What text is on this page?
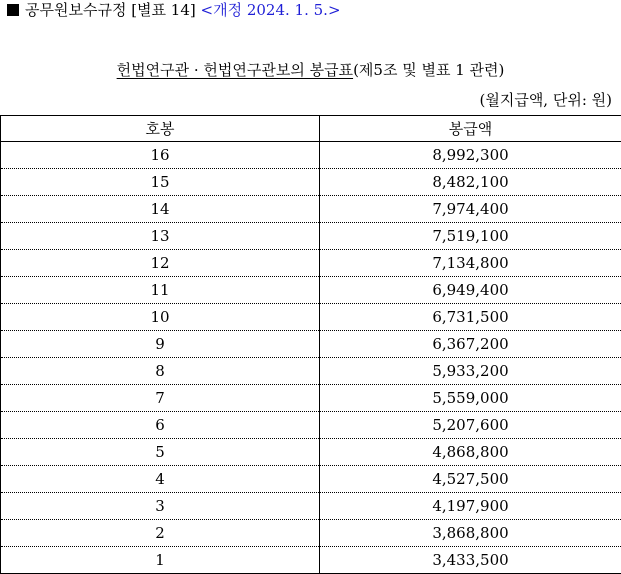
공무원보수규정 [별표 14] <개정 2024. 1. 5.>
헌법연구관 · 헌법연구관보의 봉급표(제5조 및 별표 1 관련)
(월지급액, 단위: 원)
호봉	봉급액
16	8,992,300
15	8,482,100
14	7,974,400
13	7,519,100
12	7,134,800
11	6,949,400
10	6,731,500
9	6,367,200
8	5,933,200
7	5,559,000
6	5,207,600
5	4,868,800
4	4,527,500
3	4,197,900
2	3,868,800
1	3,433,500
